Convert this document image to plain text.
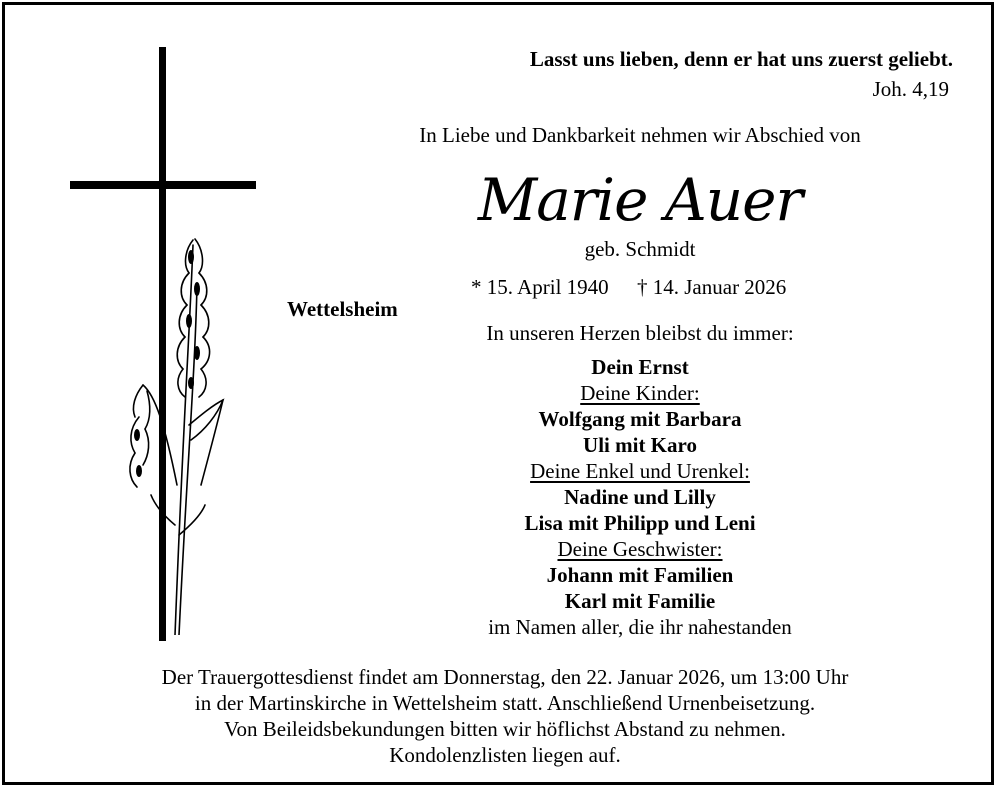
Lasst uns lieben, denn er hat uns zuerst geliebt.
Joh. 4,19
In Liebe und Dankbarkeit nehmen wir Abschied von
Marie Auer
geb. Schmidt
* 15. April 1940 † 14. Januar 2026
Wettelsheim
In unseren Herzen bleibst du immer:
Dein Ernst
Deine Kinder:
Wolfgang mit Barbara
Uli mit Karo
Deine Enkel und Urenkel:
Nadine und Lilly
Lisa mit Philipp und Leni
Deine Geschwister:
Johann mit Familien
Karl mit Familie
im Namen aller, die ihr nahestanden
Der Trauergottesdienst findet am Donnerstag, den 22. Januar 2026, um 13:00 Uhr
in der Martinskirche in Wettelsheim statt. Anschließend Urnenbeisetzung.
Von Beileidsbekundungen bitten wir höflichst Abstand zu nehmen.
Kondolenzlisten liegen auf.
